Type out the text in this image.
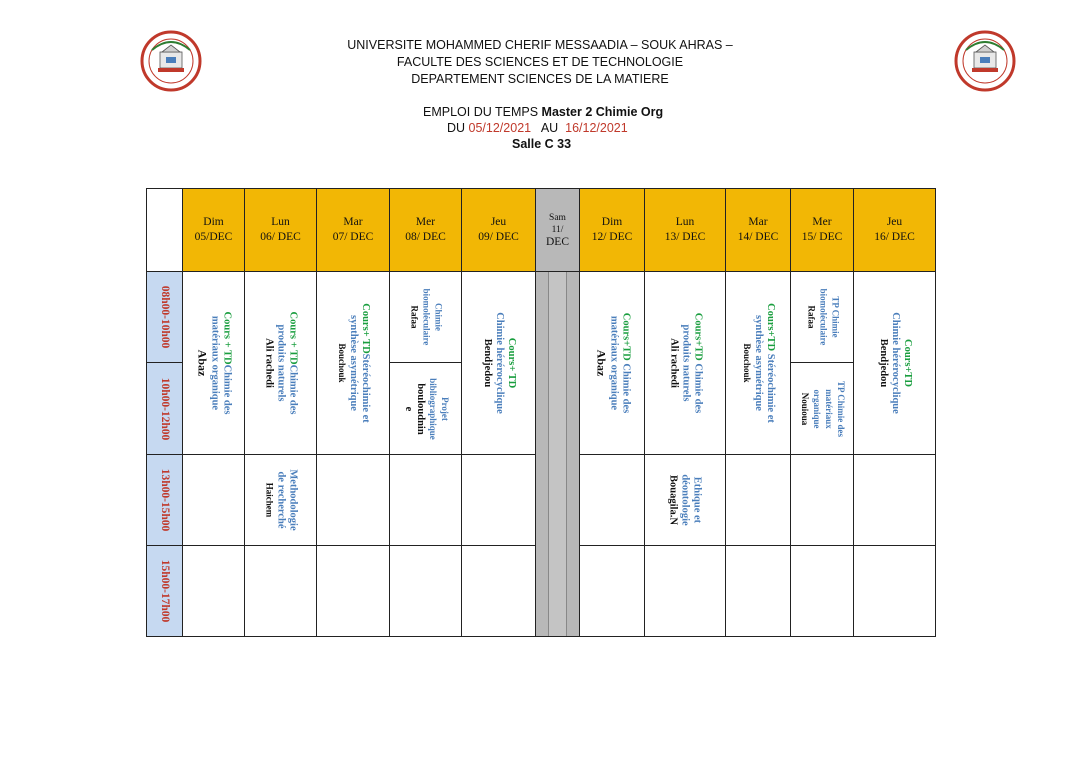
UNIVERSITE MOHAMMED CHERIF MESSAADIA – SOUK AHRAS –
FACULTE DES SCIENCES ET DE TECHNOLOGIE
DEPARTEMENT SCIENCES DE LA MATIERE
EMPLOI DU TEMPS Master 2 Chimie Org
DU 05/12/2021   AU  16/12/2021
Salle C 33
08h00-10h00
10h00-12h00
13h00-15h00
15h00-17h00
Dim
05/DEC
Lun
06/ DEC
Mar
07/ DEC
Mer
08/ DEC
Jeu
09/ DEC
Sam
11/
DEC
Dim
12/ DEC
Lun
13/ DEC
Mar
14/ DEC
Mer
15/ DEC
Jeu
16/ DEC
Cours + TDChimie des
matériaux organique
Abaz	Cours + TDChimie des
produits naturels
Ali rachedi
Methodologie
de recherché
Haichem
Cours+ TDStéréochimie et
synthèse asymétrique
Bouchouk
Chimie
biomoléculaire
Rafaa
Projet
bibliographique
bouloudnin
e
Cours+ TD
Chimie hérérocyclique
Bendjedou
Cours+TD Chimie des
matériaux organique
Abaz
Cours+TD Chimie des
produits naturels
Ali rachedi
Ethique et
déontologie
Bouagila.N
Cours+TD Stéréochimie et
synthèse asymétrique
Bouchouk
TP Chimie
biomoléculaire
Rafaa
TP Chimie des
matériaux
organique
Nouioua
Cours+TD
Chimie hérérocyclique
Bendjedou
